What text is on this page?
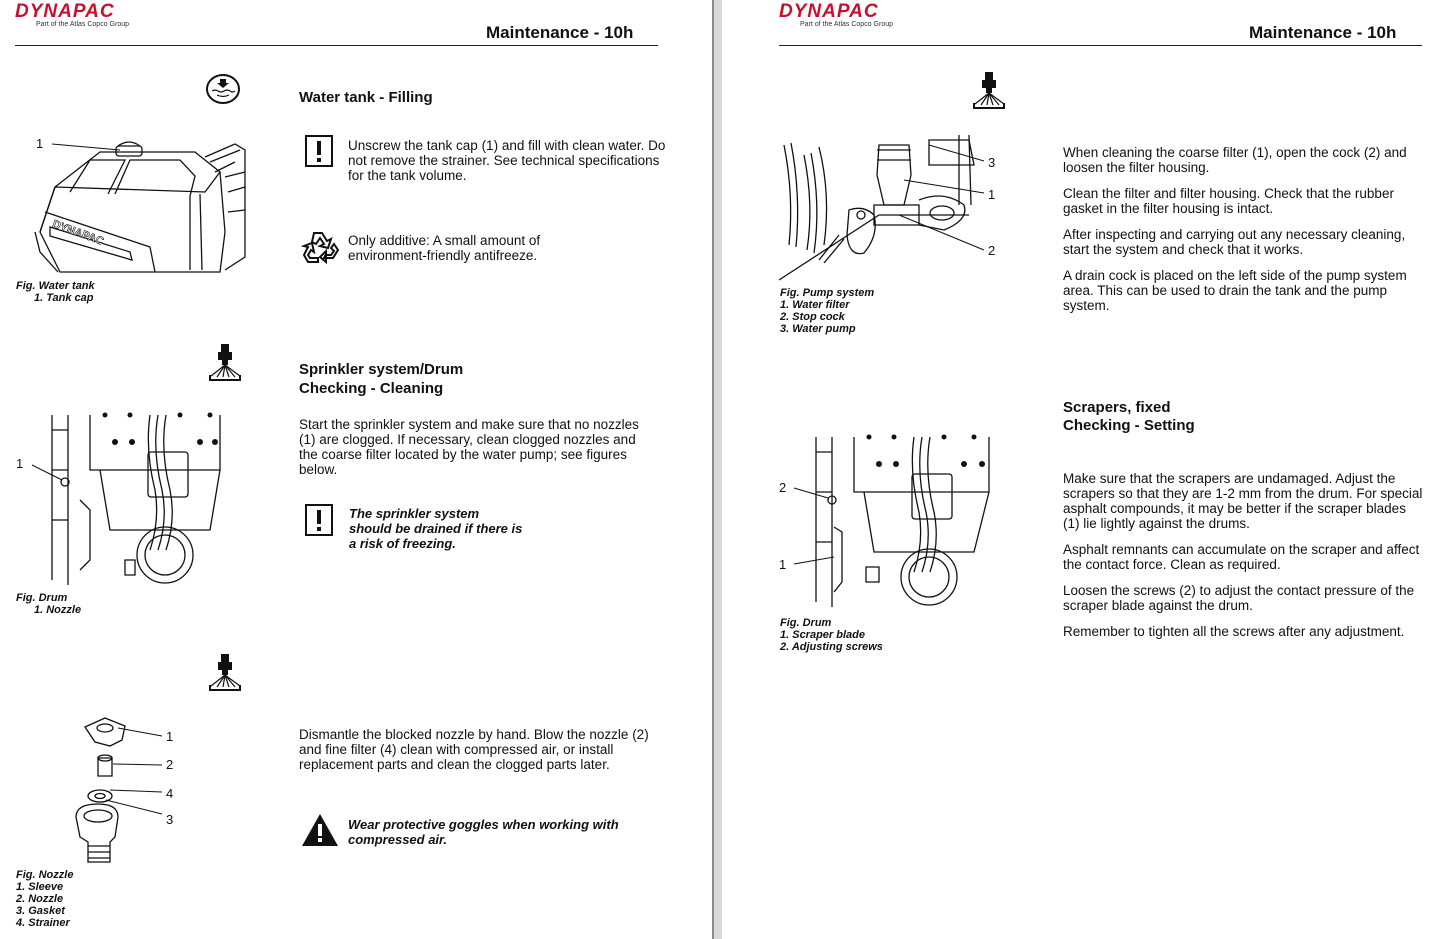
DYNAPAC
Part of the Atlas Copco Group	Maintenance - 10h
Water tank - Filling
Unscrew the tank cap (1) and fill with clean water. Do not remove the strainer. See technical specifications for the tank volume.
Only additive: A small amount of environment-friendly antifreeze.
DYNAPAC
1
Fig. Water tank
1. Tank cap
Sprinkler system/Drum
Checking - Cleaning
Start the sprinkler system and make sure that no nozzles (1) are clogged. If necessary, clean clogged nozzles and the coarse filter located by the water pump; see figures below.
The sprinkler system should be drained if there is a risk of freezing.
1
Fig. Drum
1. Nozzle
1
2
4
3
Dismantle the blocked nozzle by hand. Blow the nozzle (2) and fine filter (4) clean with compressed air, or install replacement parts and clean the clogged parts later.
Wear protective goggles when working with compressed air.
Fig. Nozzle
1. Sleeve
2. Nozzle
3. Gasket
4. Strainer
DYNAPAC
Part of the Atlas Copco Group	Maintenance - 10h
3
1
2
Fig. Pump system
1. Water filter
2. Stop cock
3. Water pump
When cleaning the coarse filter (1), open the cock (2) and loosen the filter housing.
Clean the filter and filter housing. Check that the rubber gasket in the filter housing is intact.
After inspecting and carrying out any necessary cleaning, start the system and check that it works.
A drain cock is placed on the left side of the pump system area. This can be used to drain the tank and the pump system.
Scrapers, fixed
Checking - Setting
2
1
Fig. Drum
1. Scraper blade
2. Adjusting screws
Make sure that the scrapers are undamaged. Adjust the scrapers so that they are 1-2 mm from the drum. For special asphalt compounds, it may be better if the scraper blades (1) lie lightly against the drums.
Asphalt remnants can accumulate on the scraper and affect the contact force. Clean as required.
Loosen the screws (2) to adjust the contact pressure of the scraper blade against the drum.
Remember to tighten all the screws after any adjustment.
